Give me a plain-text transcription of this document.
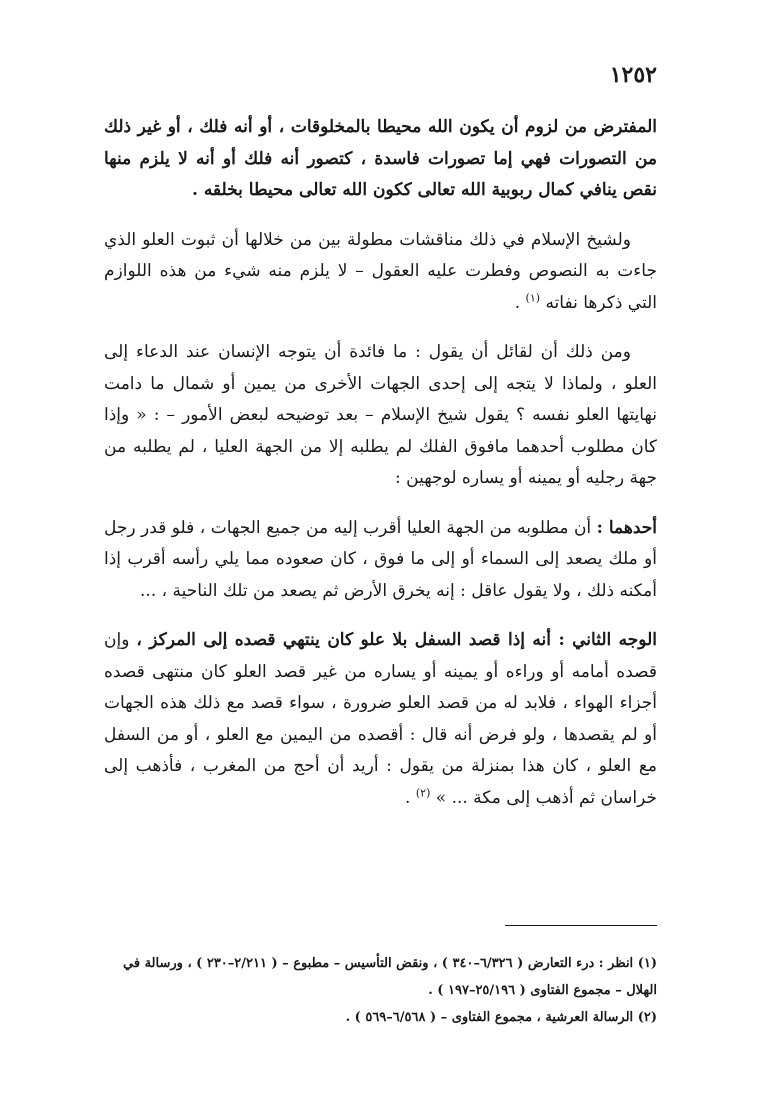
١٢٥٢

المفترض من لزوم أن يكون الله محيطا بالمخلوقات ، أو أنه فلك ، أو غير ذلك من التصورات فهي إما تصورات فاسدة ، كتصور أنه فلك أو أنه لا يلزم منها نقص ينافي كمال ربوبية الله تعالى ككون الله تعالى محيطا بخلقه .

ولشيخ الإسلام في ذلك مناقشات مطولة بين من خلالها أن ثبوت العلو الذي جاءت به النصوص وفطرت عليه العقول – لا يلزم منه شيء من هذه اللوازم التي ذكرها نفاته $^{(١)}$ .

ومن ذلك أن لقائل أن يقول : ما فائدة أن يتوجه الإنسان عند الدعاء إلى العلو ، ولماذا لا يتجه إلى إحدى الجهات الأخرى من يمين أو شمال ما دامت نهايتها العلو نفسه ؟ يقول شيخ الإسلام – بعد توضيحه لبعض الأمور – : « وإذا كان مطلوب أحدهما مافوق الفلك لم يطلبه إلا من الجهة العليا ، لم يطلبه من جهة رجليه أو يمينه أو يساره لوجهين :

أحدهما : أن مطلوبه من الجهة العليا أقرب إليه من جميع الجهات ، فلو قدر رجل أو ملك يصعد إلى السماء أو إلى ما فوق ، كان صعوده مما يلي رأسه أقرب إذا أمكنه ذلك ، ولا يقول عاقل : إنه يخرق الأرض ثم يصعد من تلك الناحية ، ...

الوجه الثاني : أنه إذا قصد السفل بلا علو كان ينتهي قصده إلى المركز ، وإن قصده أمامه أو وراءه أو يمينه أو يساره من غير قصد العلو كان منتهى قصده أجزاء الهواء ، فلابد له من قصد العلو ضرورة ، سواء قصد مع ذلك هذه الجهات أو لم يقصدها ، ولو فرض أنه قال : أقصده من اليمين مع العلو ، أو من السفل مع العلو ، كان هذا بمنزلة من يقول : أريد أن أحج من المغرب ، فأذهب إلى خراسان ثم أذهب إلى مكة ... » $^{(٢)}$ .

(١) انظر : درء التعارض ( ٦/٣٢٦–٣٤٠ ) ، ونقض التأسيس – مطبوع – ( ٢/٢١١–٢٣٠ ) ، ورسالة في الهلال – مجموع الفتاوى ( ٢٥/١٩٦–١٩٧ ) .

(٢) الرسالة العرشية ، مجموع الفتاوى – ( ٦/٥٦٨–٥٦٩ ) .
